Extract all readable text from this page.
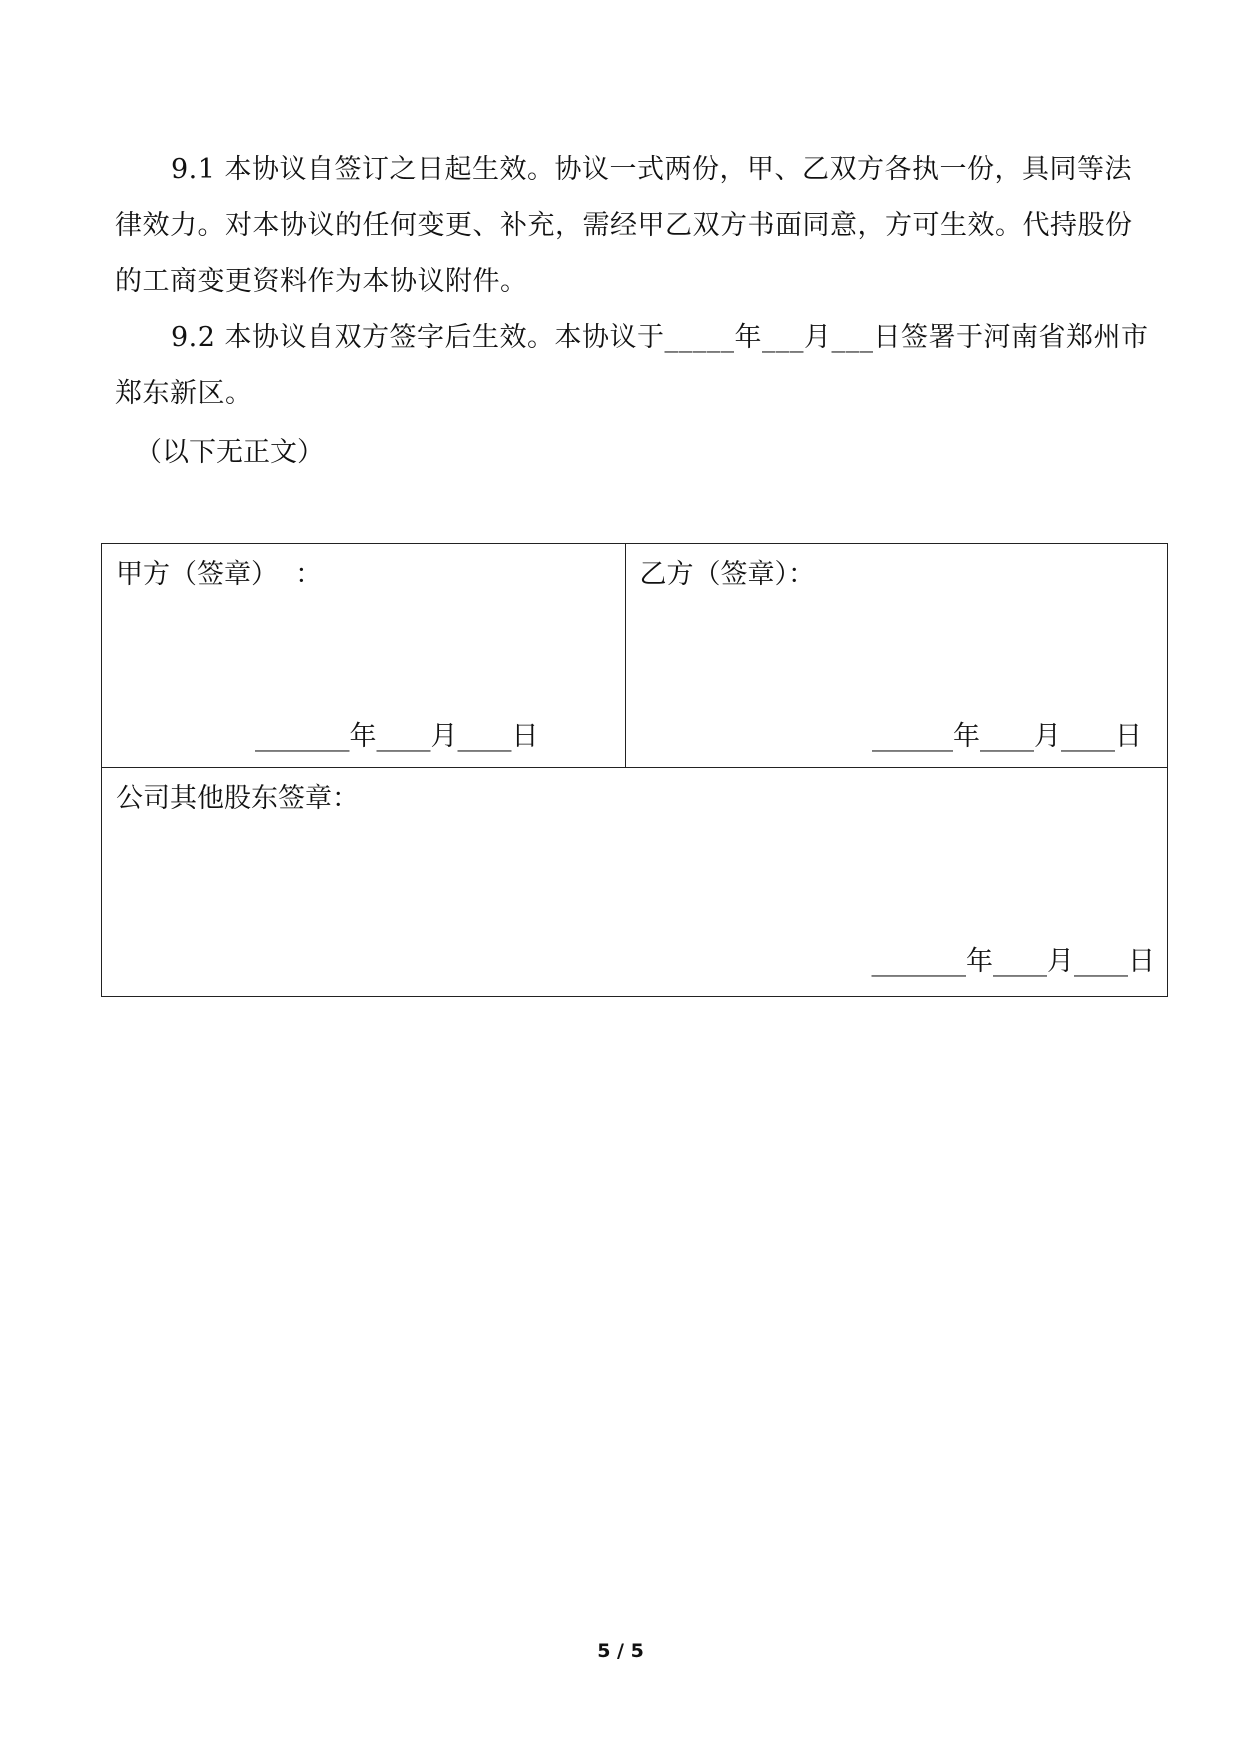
9.1 本协议自签订之日起生效。协议一式两份，甲、乙双方各执一份，具同等法律效力。对本协议的任何变更、补充，需经甲乙双方书面同意，方可生效。代持股份的工商变更资料作为本协议附件。

9.2 本协议自双方签字后生效。本协议于_____年___月___日签署于河南省郑州市郑东新区。

（以下无正文）

甲方（签章）  ：
_______年____月____日

乙方（签章）：
______年____月____日

公司其他股东签章：
_______年____月____日
5 / 5
